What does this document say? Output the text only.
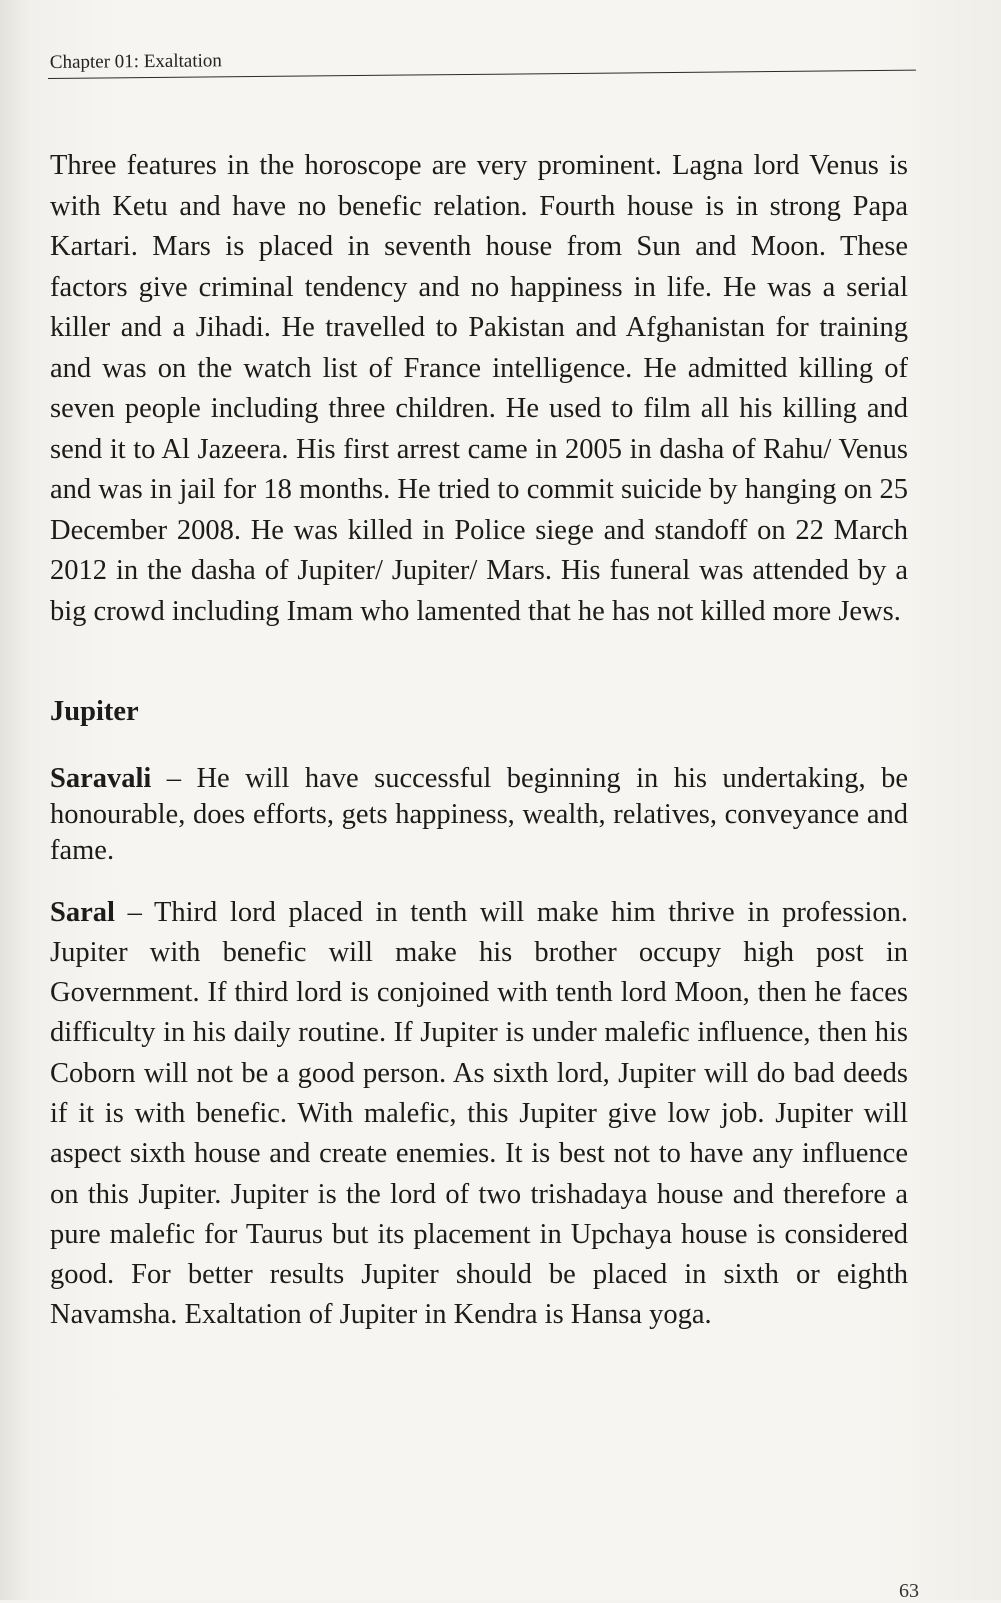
Chapter 01: Exaltation

Three features in the horoscope are very prominent. Lagna lord Venus is with Ketu and have no benefic relation. Fourth house is in strong Papa Kartari. Mars is placed in seventh house from Sun and Moon. These factors give criminal tendency and no happiness in life. He was a serial killer and a Jihadi. He travelled to Pakistan and Afghanistan for training and was on the watch list of France intelligence. He admitted killing of seven people including three children. He used to film all his killing and send it to Al Jazeera. His first arrest came in 2005 in dasha of Rahu/ Venus and was in jail for 18 months. He tried to commit suicide by hanging on 25 December 2008. He was killed in Police siege and standoff on 22 March 2012 in the dasha of Jupiter/ Jupiter/ Mars. His funeral was attended by a big crowd including Imam who lamented that he has not killed more Jews.

Jupiter

Saravali – He will have successful beginning in his undertaking, be honourable, does efforts, gets happiness, wealth, relatives, conveyance and fame.

Saral – Third lord placed in tenth will make him thrive in profession. Jupiter with benefic will make his brother occupy high post in Government. If third lord is conjoined with tenth lord Moon, then he faces difficulty in his daily routine. If Jupiter is under malefic influence, then his Coborn will not be a good person. As sixth lord, Jupiter will do bad deeds if it is with benefic. With malefic, this Jupiter give low job. Jupiter will aspect sixth house and create enemies. It is best not to have any influence on this Jupiter. Jupiter is the lord of two trishadaya house and therefore a pure malefic for Taurus but its placement in Upchaya house is considered good. For better results Jupiter should be placed in sixth or eighth Navamsha. Exaltation of Jupiter in Kendra is Hansa yoga.

63
